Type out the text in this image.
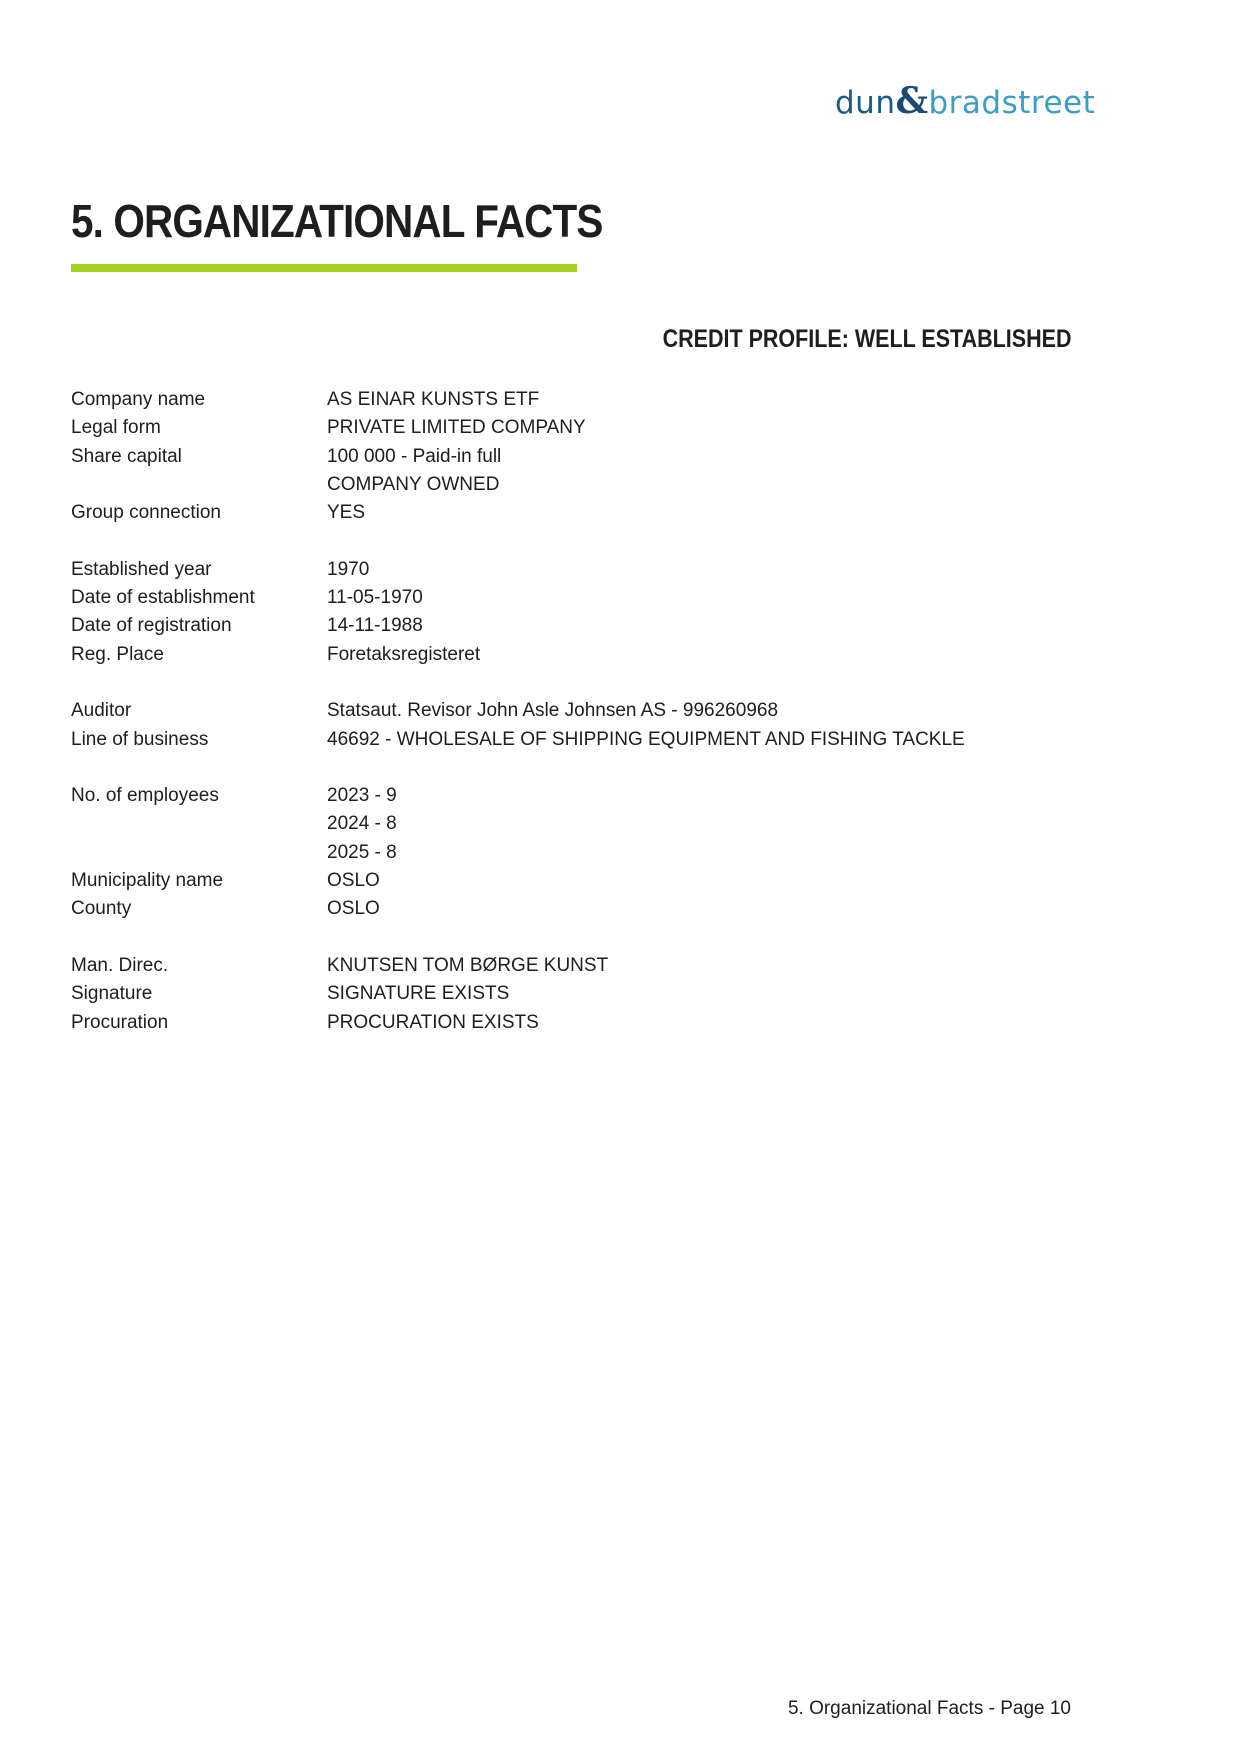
dun&bradstreet
5. ORGANIZATIONAL FACTS
CREDIT PROFILE: WELL ESTABLISHED
Company name	AS EINAR KUNSTS ETF
Legal form	PRIVATE LIMITED COMPANY
Share capital	100 000 - Paid-in full
COMPANY OWNED
Group connection	YES
Established year	1970
Date of establishment	11-05-1970
Date of registration	14-11-1988
Reg. Place	Foretaksregisteret
Auditor	Statsaut. Revisor John Asle Johnsen AS - 996260968
Line of business	46692 - WHOLESALE OF SHIPPING EQUIPMENT AND FISHING TACKLE
No. of employees	2023 - 9
2024 - 8
2025 - 8
Municipality name	OSLO
County	OSLO
Man. Direc.	KNUTSEN TOM BØRGE KUNST
Signature	SIGNATURE EXISTS
Procuration	PROCURATION EXISTS
5. Organizational Facts - Page 10
